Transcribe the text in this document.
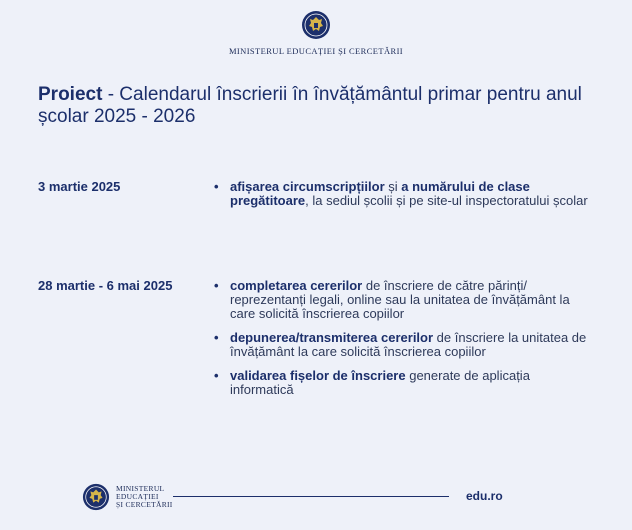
MINISTERUL EDUCAȚIEI ȘI CERCETĂRII
Proiect - Calendarul înscrierii în învățământul primar pentru anul școlar 2025 - 2026
3 martie 2025	• afișarea circumscripțiilor și a numărului de clase pregătitoare, la sediul școlii și pe site-ul inspectoratului școlar
28 martie - 6 mai 2025	• completarea cererilor de înscriere de către părinți/ reprezentanți legali, online sau la unitatea de învățământ la care solicită înscrierea copiilor
• depunerea/transmiterea cererilor de înscriere la unitatea de învățământ la care solicită înscrierea copiilor
• validarea fișelor de înscriere generate de aplicația informatică
MINISTERUL
EDUCAȚIEI
ȘI CERCETĂRII
edu.ro
